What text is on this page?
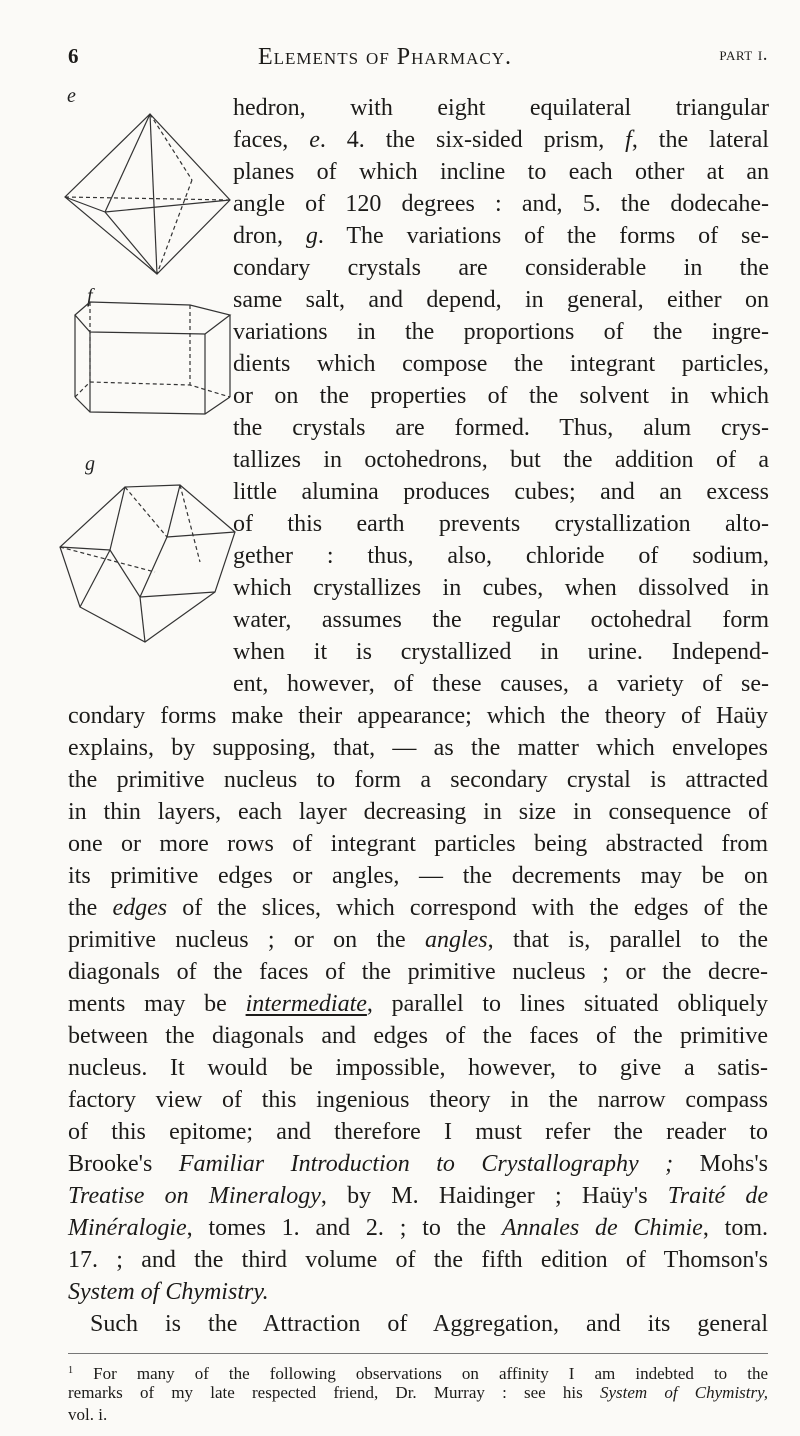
6	Elements of Pharmacy.	part i.
e
f
g
hedron, with eight equilateral triangular
faces, e. 4. the six-sided prism, f, the lateral
planes of which incline to each other at an
angle of 120 degrees : and, 5. the dodecahe-
dron, g. The variations of the forms of se-
condary crystals are considerable in the
same salt, and depend, in general, either on
variations in the proportions of the ingre-
dients which compose the integrant particles,
or on the properties of the solvent in which
the crystals are formed. Thus, alum crys-
tallizes in octohedrons, but the addition of a
little alumina produces cubes; and an excess
of this earth prevents crystallization alto-
gether : thus, also, chloride of sodium,
which crystallizes in cubes, when dissolved in
water, assumes the regular octohedral form
when it is crystallized in urine. Independ-
ent, however, of these causes, a variety of se-
condary forms make their appearance; which the theory of Haüy
explains, by supposing, that, — as the matter which envelopes
the primitive nucleus to form a secondary crystal is attracted
in thin layers, each layer decreasing in size in consequence of
one or more rows of integrant particles being abstracted from
its primitive edges or angles, — the decrements may be on
the edges of the slices, which correspond with the edges of the
primitive nucleus ; or on the angles, that is, parallel to the
diagonals of the faces of the primitive nucleus ; or the decre-
ments may be intermediate, parallel to lines situated obliquely
between the diagonals and edges of the faces of the primitive
nucleus. It would be impossible, however, to give a satis-
factory view of this ingenious theory in the narrow compass
of this epitome; and therefore I must refer the reader to
Brooke's Familiar Introduction to Crystallography ; Mohs's
Treatise on Mineralogy, by M. Haidinger ; Haüy's Traité de
Minéralogie, tomes 1. and 2. ; to the Annales de Chimie, tom.
17. ; and the third volume of the fifth edition of Thomson's
System of Chymistry.
Such is the Attraction of Aggregation, and its general
$^1$ For many of the following observations on affinity I am indebted to the
remarks of my late respected friend, Dr. Murray : see his System of Chymistry,
vol. i.
